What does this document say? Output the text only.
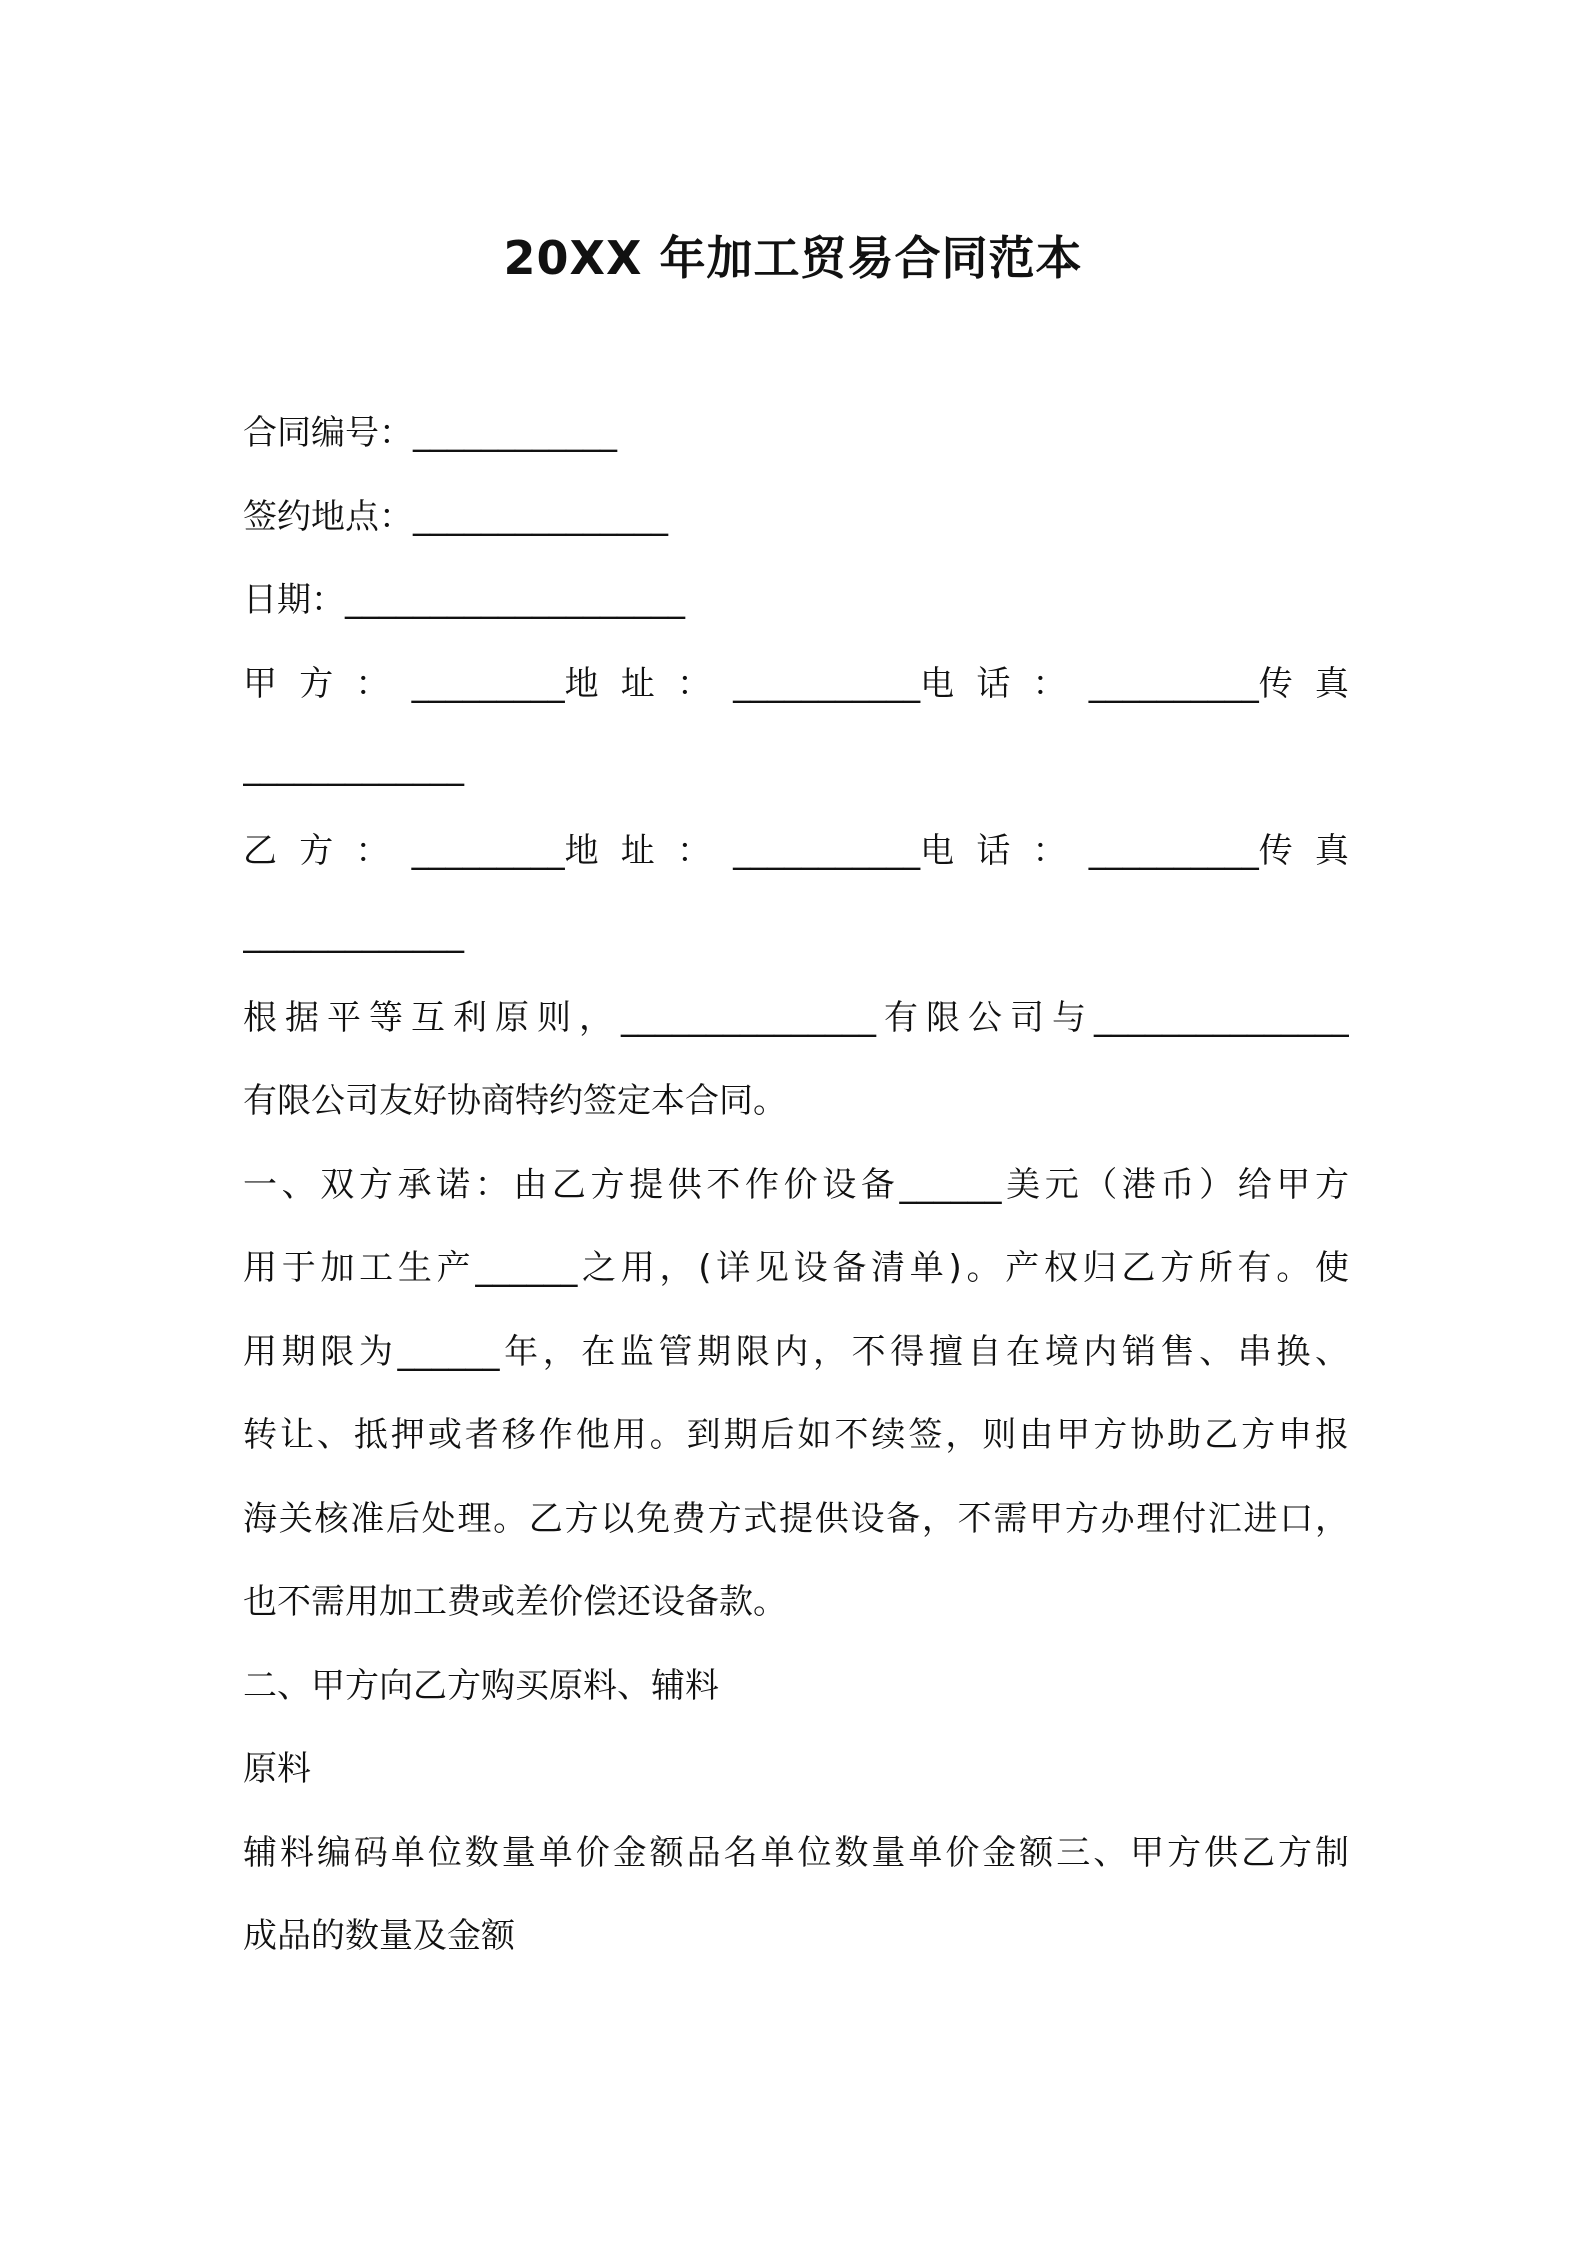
20XX 年加工贸易合同范本
合同编号：____________
签约地点：_______________
日期：____________________
甲 方 ： _________地 址 ： ___________电 话 ： __________传 真
_____________
乙 方 ： _________地 址 ： ___________电 话 ： __________传 真
_____________
根据平等互利原则，_______________有限公司与_______________
有限公司友好协商特约签定本合同。
一、双方承诺：由乙方提供不作价设备______美元（港币）给甲方
用于加工生产______之用，(详见设备清单)。产权归乙方所有。使
用期限为______年，在监管期限内，不得擅自在境内销售、串换、
转让、抵押或者移作他用。到期后如不续签，则由甲方协助乙方申报
海关核准后处理。乙方以免费方式提供设备，不需甲方办理付汇进口，
也不需用加工费或差价偿还设备款。
二、甲方向乙方购买原料、辅料
原料
辅料编码单位数量单价金额品名单位数量单价金额三、甲方供乙方制
成品的数量及金额
